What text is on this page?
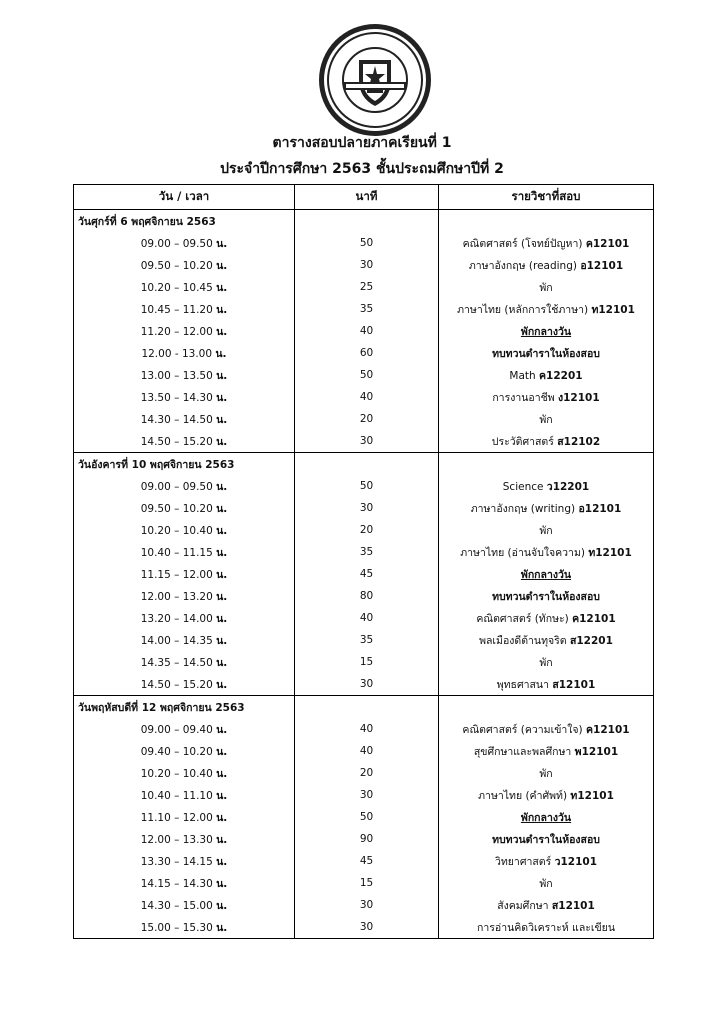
ตารางสอบปลายภาคเรียนที่ 1
ประจำปีการศึกษา 2563 ชั้นประถมศึกษาปีที่ 2
วัน / เวลา	นาที	รายวิชาที่สอบ
วันศุกร์ที่ 6 พฤศจิกายน 2563		
09.00 – 09.50 น.	50	คณิตศาสตร์ (โจทย์ปัญหา) ค12101
09.50 – 10.20 น.	30	ภาษาอังกฤษ (reading) อ12101
10.20 – 10.45 น.	25	พัก
10.45 – 11.20 น.	35	ภาษาไทย (หลักการใช้ภาษา) ท12101
11.20 – 12.00 น.	40	พักกลางวัน
12.00 - 13.00 น.	60	ทบทวนตำราในห้องสอบ
13.00 – 13.50 น.	50	Math ค12201
13.50 – 14.30 น.	40	การงานอาชีพ ง12101
14.30 – 14.50 น.	20	พัก
14.50 – 15.20 น.	30	ประวัติศาสตร์ ส12102
วันอังคารที่ 10 พฤศจิกายน 2563		
09.00 – 09.50 น.	50	Science ว12201
09.50 – 10.20 น.	30	ภาษาอังกฤษ (writing) อ12101
10.20 – 10.40 น.	20	พัก
10.40 – 11.15 น.	35	ภาษาไทย (อ่านจับใจความ) ท12101
11.15 – 12.00 น.	45	พักกลางวัน
12.00 – 13.20 น.	80	ทบทวนตำราในห้องสอบ
13.20 – 14.00 น.	40	คณิตศาสตร์ (ทักษะ) ค12101
14.00 – 14.35 น.	35	พลเมืองดีต้านทุจริต ส12201
14.35 – 14.50 น.	15	พัก
14.50 – 15.20 น.	30	พุทธศาสนา ส12101
วันพฤหัสบดีที่ 12 พฤศจิกายน 2563		
09.00 – 09.40 น.	40	คณิตศาสตร์ (ความเข้าใจ) ค12101
09.40 – 10.20 น.	40	สุขศึกษาและพลศึกษา พ12101
10.20 – 10.40 น.	20	พัก
10.40 – 11.10 น.	30	ภาษาไทย (คำศัพท์) ท12101
11.10 – 12.00 น.	50	พักกลางวัน
12.00 – 13.30 น.	90	ทบทวนตำราในห้องสอบ
13.30 – 14.15 น.	45	วิทยาศาสตร์ ว12101
14.15 – 14.30 น.	15	พัก
14.30 – 15.00 น.	30	สังคมศึกษา ส12101
15.00 – 15.30 น.	30	การอ่านคิดวิเคราะห์ และเขียน
